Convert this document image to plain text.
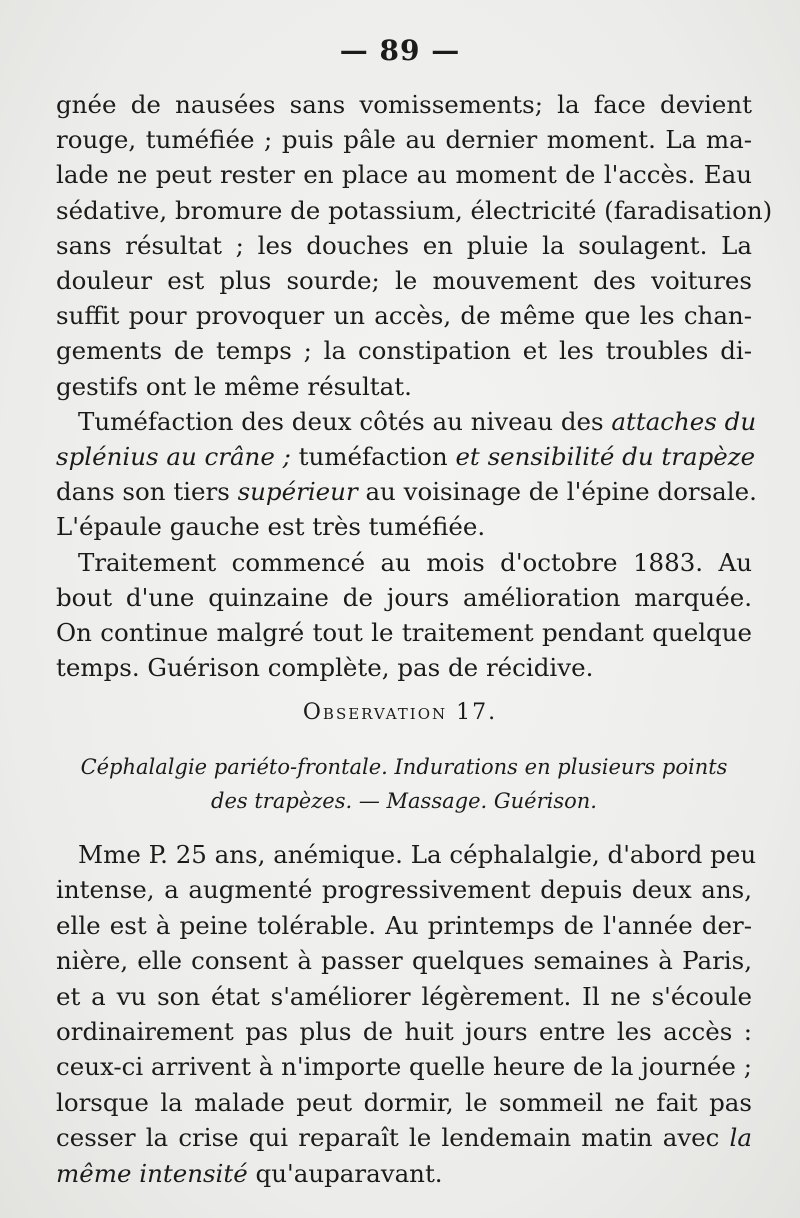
— 89 —
gnée de nausées sans vomissements; la face devient
rouge, tuméfiée ; puis pâle au dernier moment. La ma-
lade ne peut rester en place au moment de l'accès. Eau
sédative, bromure de potassium, électricité (faradisation)
sans résultat ; les douches en pluie la soulagent. La
douleur est plus sourde; le mouvement des voitures
suffit pour provoquer un accès, de même que les chan-
gements de temps ; la constipation et les troubles di-
gestifs ont le même résultat.
Tuméfaction des deux côtés au niveau des attaches du
splénius au crâne ; tuméfaction et sensibilité du trapèze
dans son tiers supérieur au voisinage de l'épine dorsale.
L'épaule gauche est très tuméfiée.
Traitement commencé au mois d'octobre 1883. Au
bout d'une quinzaine de jours amélioration marquée.
On continue malgré tout le traitement pendant quelque
temps. Guérison complète, pas de récidive.
Observation 17.
Céphalalgie pariéto-frontale. Indurations en plusieurs points
des trapèzes. — Massage. Guérison.
Mme P. 25 ans, anémique. La céphalalgie, d'abord peu
intense, a augmenté progressivement depuis deux ans,
elle est à peine tolérable. Au printemps de l'année der-
nière, elle consent à passer quelques semaines à Paris,
et a vu son état s'améliorer légèrement. Il ne s'écoule
ordinairement pas plus de huit jours entre les accès :
ceux-ci arrivent à n'importe quelle heure de la journée ;
lorsque la malade peut dormir, le sommeil ne fait pas
cesser la crise qui reparaît le lendemain matin avec la
même intensité qu'auparavant.
